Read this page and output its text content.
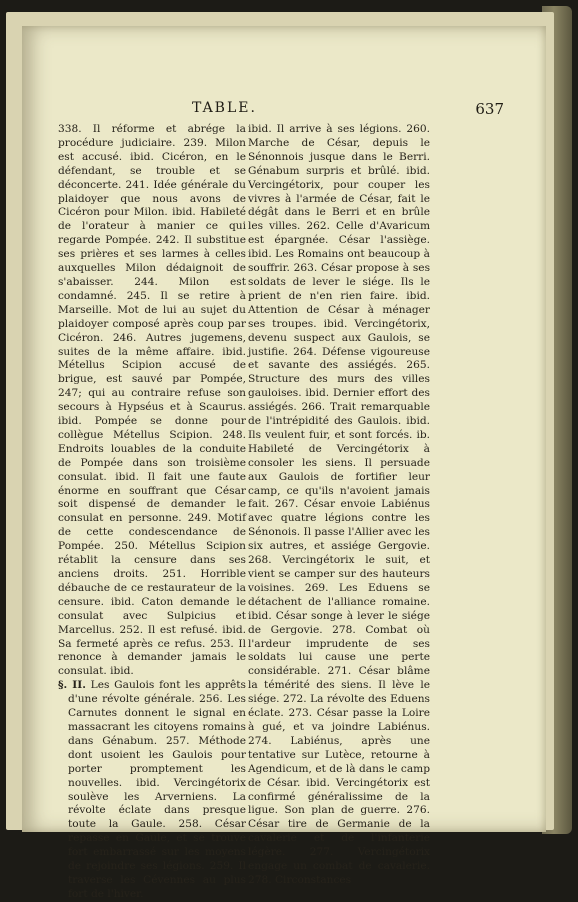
TABLE.	637

338. Il réforme et abrége la procédure judiciaire. 239. Milon est accusé. ibid. Cicéron, en le défendant, se trouble et se déconcerte. 241. Idée générale du plaidoyer que nous avons de Cicéron pour Milon. ibid. Habileté de l'orateur à manier ce qui regarde Pompée. 242. Il substitue ses prières et ses larmes à celles auxquelles Milon dédaignoit de s'abaisser. 244. Milon est condamné. 245. Il se retire à Marseille. Mot de lui au sujet du plaidoyer composé après coup par Cicéron. 246. Autres jugemens, suites de la même affaire. ibid. Métellus Scipion accusé de brigue, est sauvé par Pompée, 247; qui au contraire refuse son secours à Hypséus et à Scaurus. ibid. Pompée se donne pour collègue Métellus Scipion. 248. Endroits louables de la conduite de Pompée dans son troisième consulat. ibid. Il fait une faute énorme en souffrant que César soit dispensé de demander le consulat en personne. 249. Motif de cette condescendance de Pompée. 250. Métellus Scipion rétablit la censure dans ses anciens droits. 251. Horrible débauche de ce restaurateur de la censure. ibid. Caton demande le consulat avec Sulpicius et Marcellus. 252. Il est refusé. ibid. Sa fermeté après ce refus. 253. Il renonce à demander jamais le consulat. ibid.

§. II. Les Gaulois font les apprêts d'une révolte générale. 256. Les Carnutes donnent le signal en massacrant les citoyens romains dans Génabum. 257. Méthode dont usoient les Gaulois pour porter promptement les nouvelles. ibid. Vercingétorix soulève les Arverniens. La révolte éclate dans presque toute la Gaule. 258. César repasse en Gaule, et se trouve fort embarrassé sur les moyens de rejoindre ses légions. 259. Il traverse les Cévennes au plus fort de l'hiver.

ibid. Il arrive à ses légions. 260. Marche de César, depuis le Sénonnois jusque dans le Berri. Génabum surpris et brûlé. ibid. Vercingétorix, pour couper les vivres à l'armée de César, fait le dégât dans le Berri et en brûle les villes. 262. Celle d'Avaricum est épargnée. César l'assiège. ibid. Les Romains ont beaucoup à souffrir. 263. César propose à ses soldats de lever le siége. Ils le prient de n'en rien faire. ibid. Attention de César à ménager ses troupes. ibid. Vercingétorix, devenu suspect aux Gaulois, se justifie. 264. Défense vigoureuse et savante des assiégés. 265. Structure des murs des villes gauloises. ibid. Dernier effort des assiégés. 266. Trait remarquable de l'intrépidité des Gaulois. ibid. Ils veulent fuir, et sont forcés. ib. Habileté de Vercingétorix à consoler les siens. Il persuade aux Gaulois de fortifier leur camp, ce qu'ils n'avoient jamais fait. 267. César envoie Labiénus avec quatre légions contre les Sénonois. Il passe l'Allier avec les six autres, et assiége Gergovie. 268. Vercingétorix le suit, et vient se camper sur des hauteurs voisines. 269. Les Eduens se détachent de l'alliance romaine. ibid. César songe à lever le siége de Gergovie. 278. Combat où l'ardeur imprudente de ses soldats lui cause une perte considérable. 271. César blâme la témérité des siens. Il lève le siége. 272. La révolte des Eduens éclate. 273. César passe la Loire à gué, et va joindre Labiénus. 274. Labiénus, après une tentative sur Lutèce, retourne à Agendicum, et de là dans le camp de César. ibid. Vercingétorix est confirmé généralissime de la ligue. Son plan de guerre. 276. César tire de Germanie de la cavalerie et de l'infanterie légère. 277. Vercingétorix engage un combat de cavalerie. 278. Circonstances
